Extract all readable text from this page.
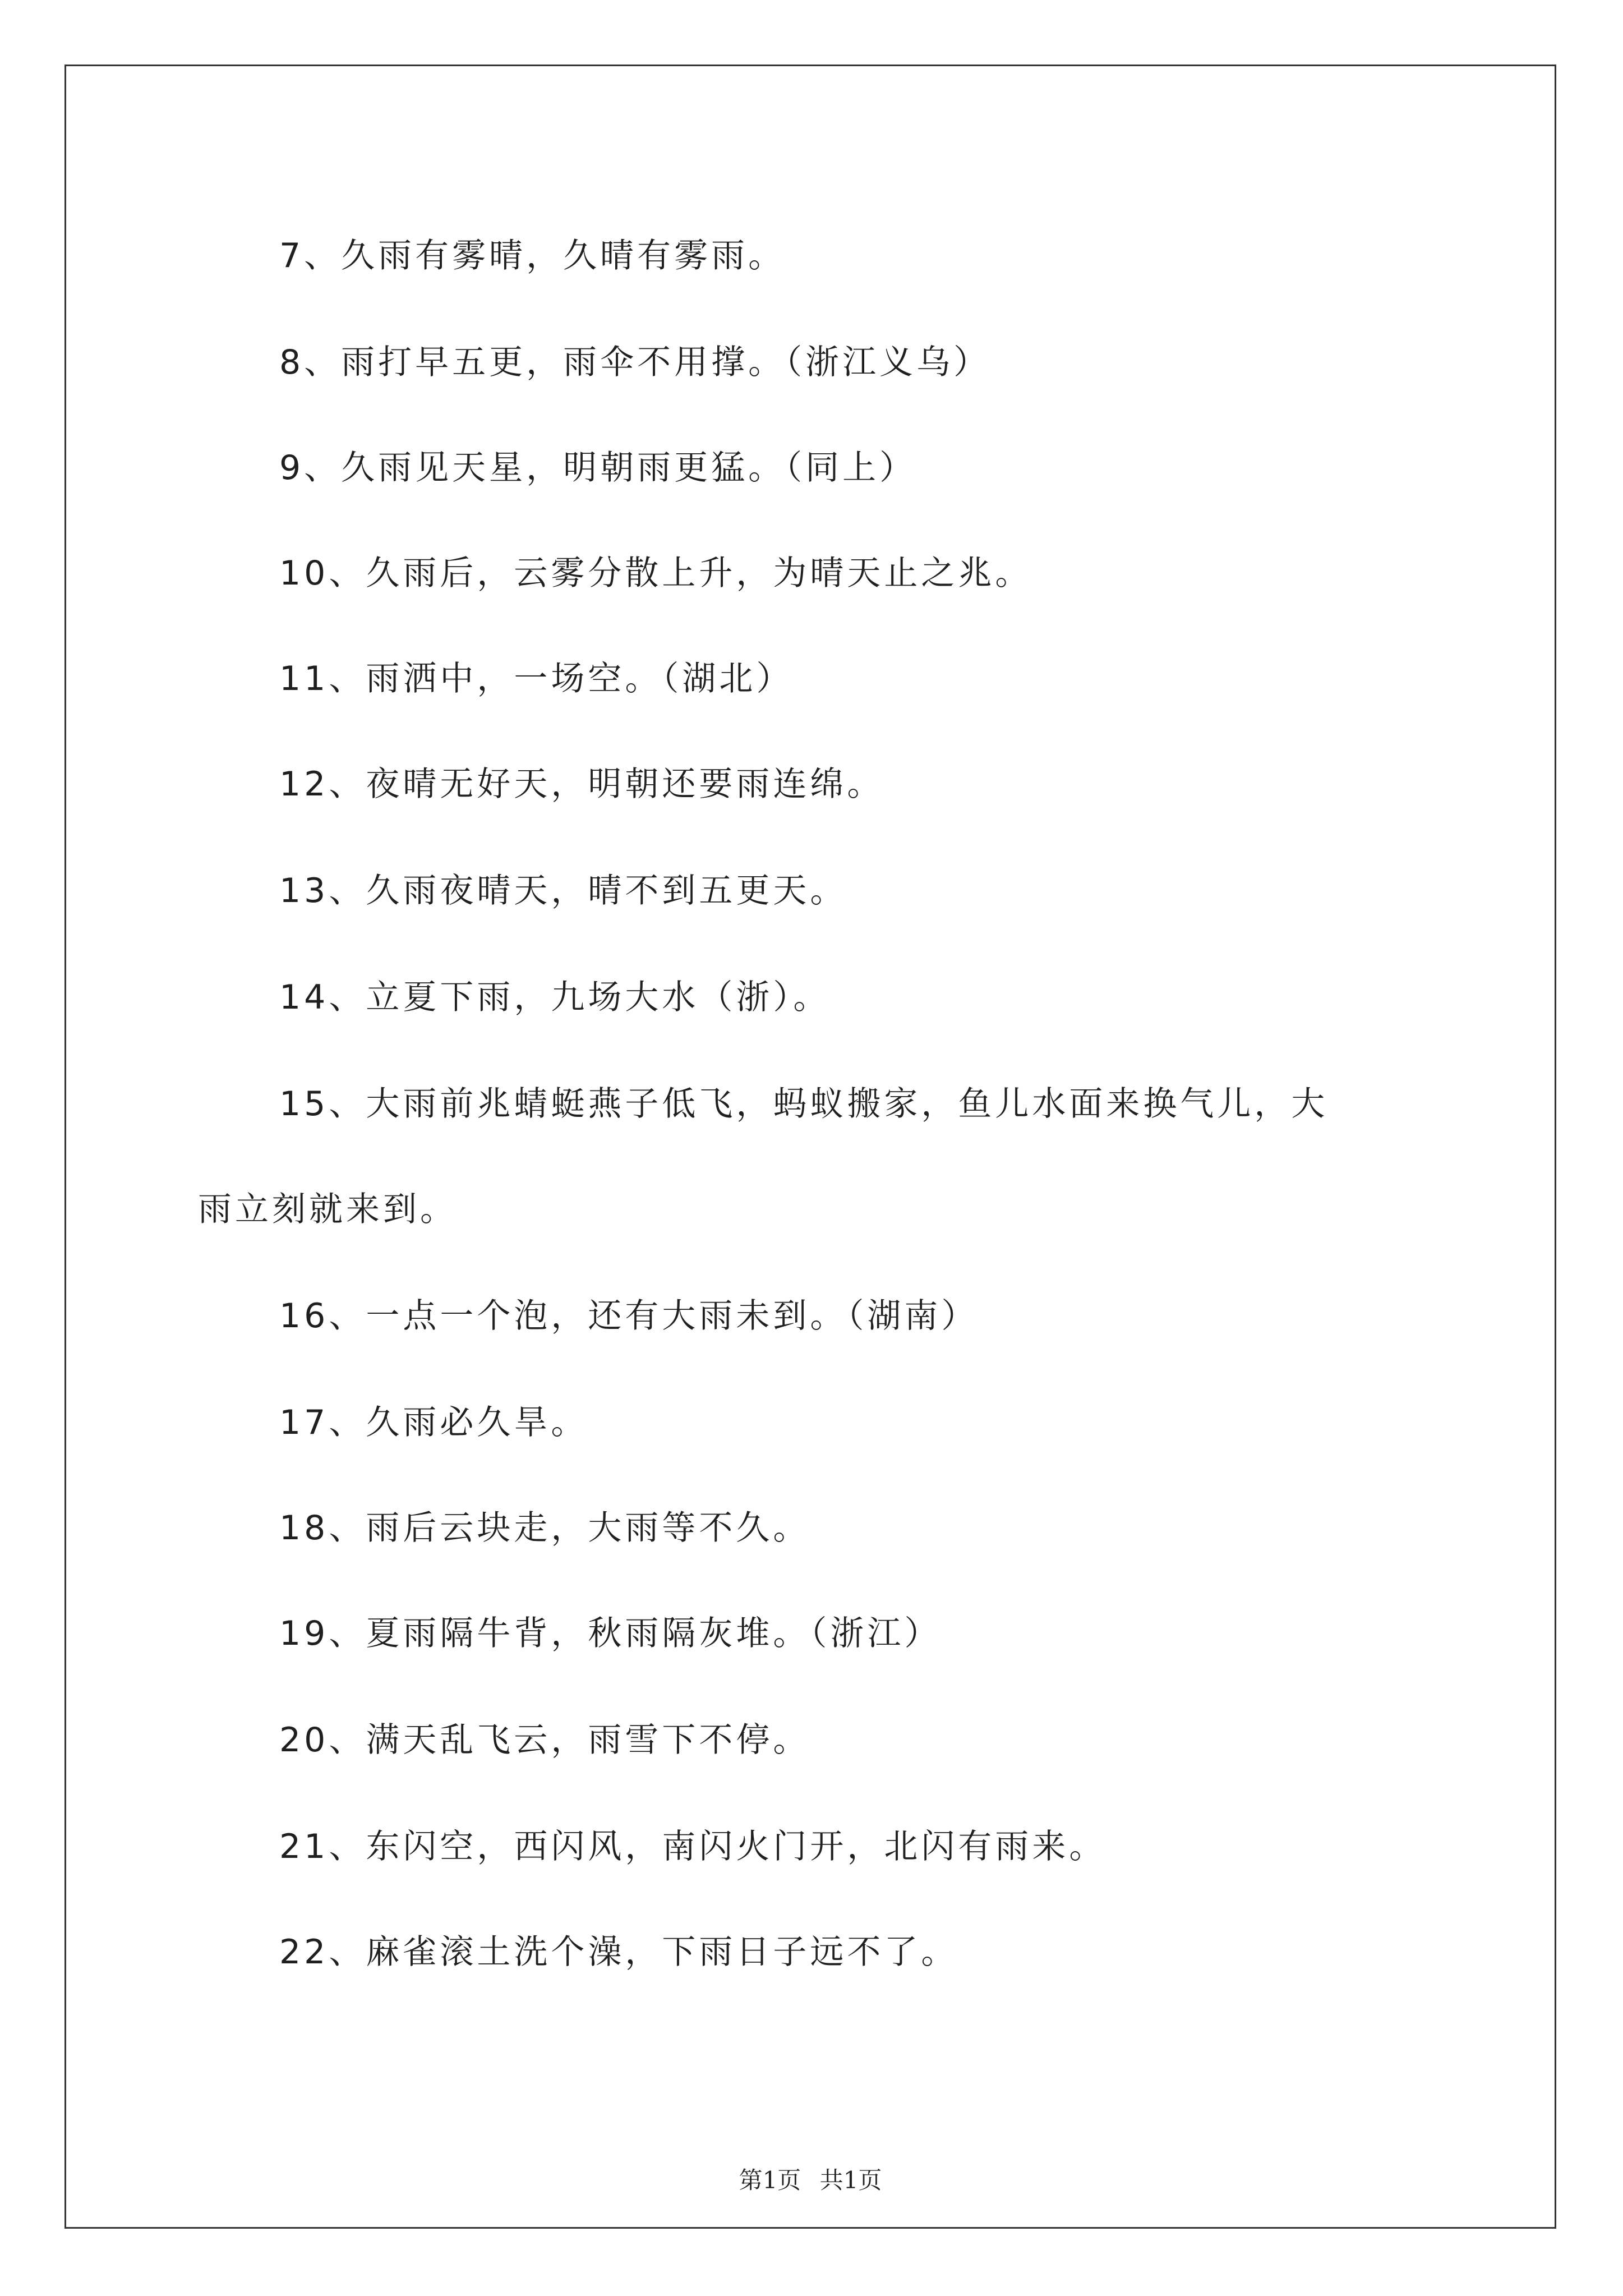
7、久雨有雾晴，久晴有雾雨。
8、雨打早五更，雨伞不用撑。（浙江义乌）
9、久雨见天星，明朝雨更猛。（同上）
10、久雨后，云雾分散上升，为晴天止之兆。
11、雨洒中，一场空。（湖北）
12、夜晴无好天，明朝还要雨连绵。
13、久雨夜晴天，晴不到五更天。
14、立夏下雨，九场大水（浙）。
15、大雨前兆蜻蜓燕子低飞，蚂蚁搬家，鱼儿水面来换气儿，大
雨立刻就来到。
16、一点一个泡，还有大雨未到。（湖南）
17、久雨必久旱。
18、雨后云块走，大雨等不久。
19、夏雨隔牛背，秋雨隔灰堆。（浙江）
20、满天乱飞云，雨雪下不停。
21、东闪空，西闪风，南闪火门开，北闪有雨来。
22、麻雀滚土洗个澡，下雨日子远不了。
第1页 共1页
